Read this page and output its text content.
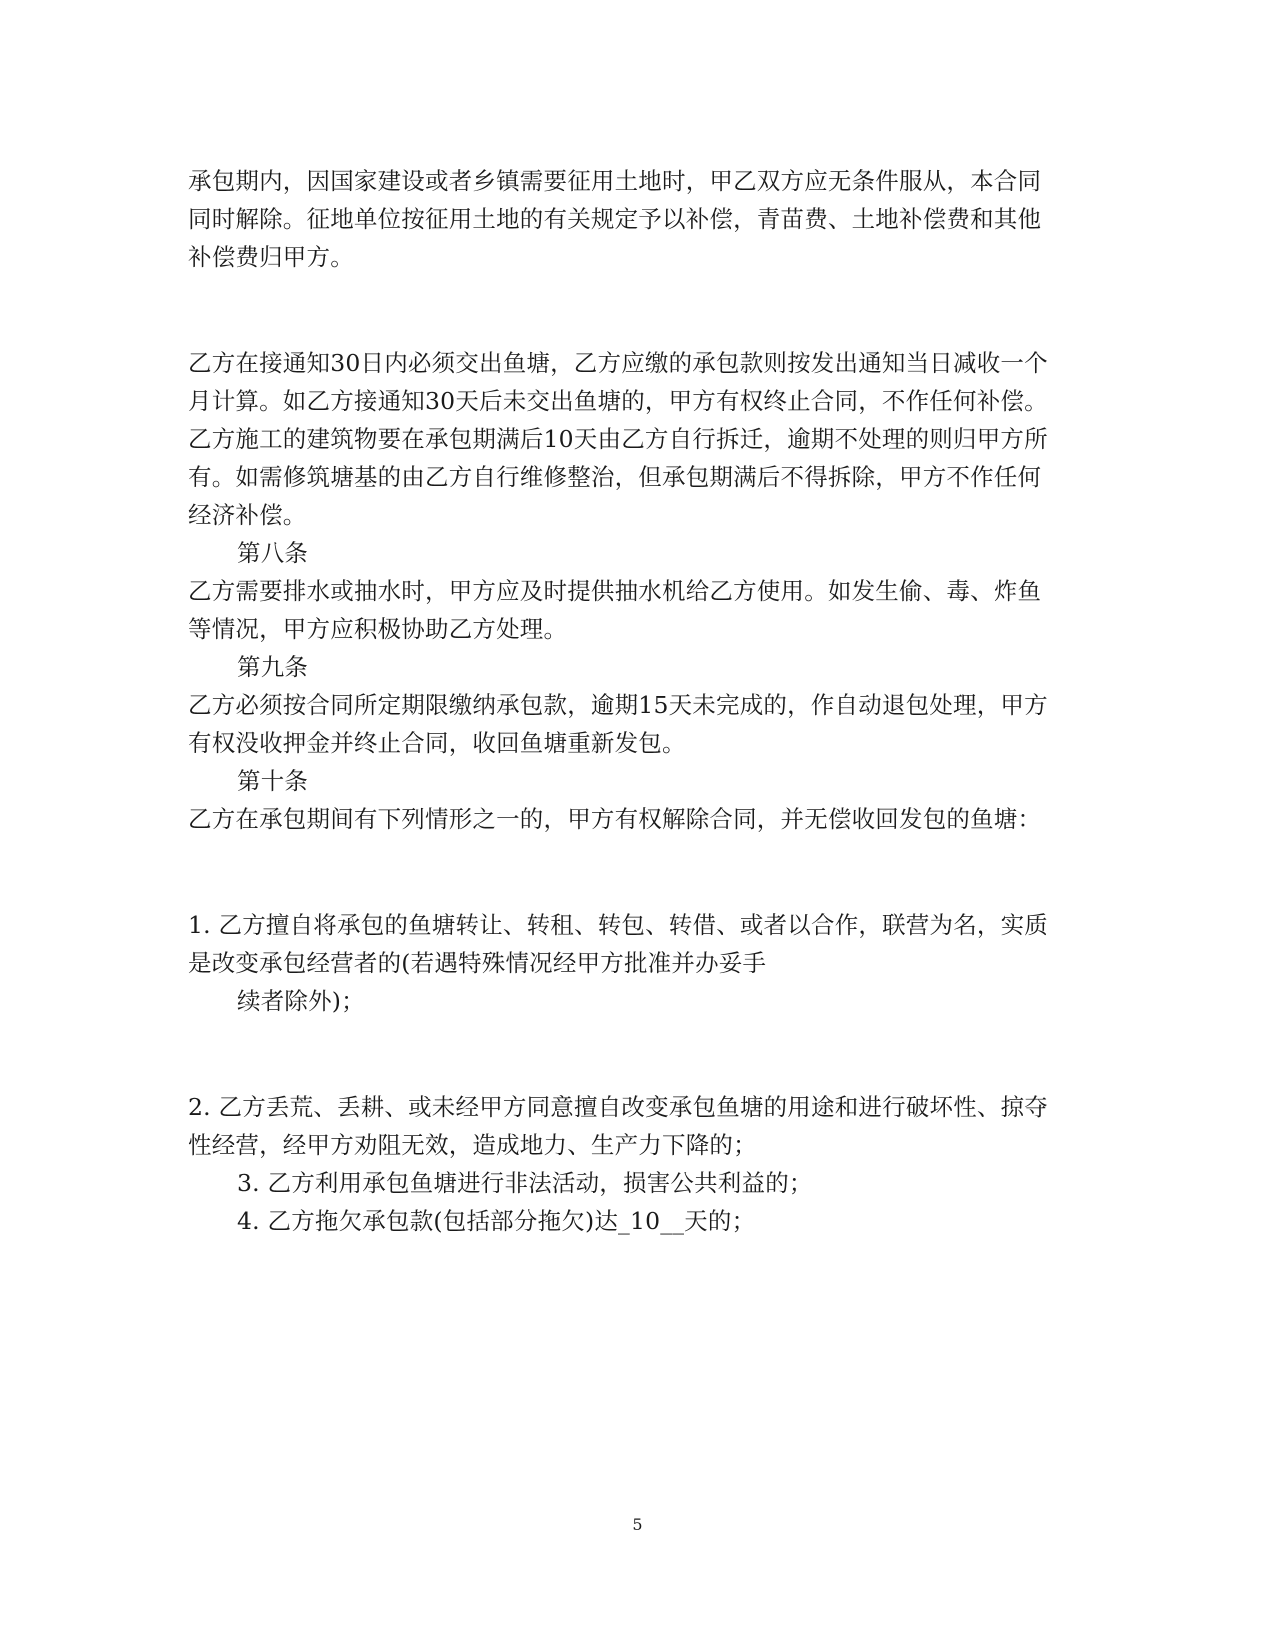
承包期内，因国家建设或者乡镇需要征用土地时，甲乙双方应无条件服从，本合同
同时解除。征地单位按征用土地的有关规定予以补偿，青苗费、土地补偿费和其他
补偿费归甲方。
乙方在接通知30日内必须交出鱼塘，乙方应缴的承包款则按发出通知当日减收一个
月计算。如乙方接通知30天后未交出鱼塘的，甲方有权终止合同，不作任何补偿。
乙方施工的建筑物要在承包期满后10天由乙方自行拆迁，逾期不处理的则归甲方所
有。如需修筑塘基的由乙方自行维修整治，但承包期满后不得拆除，甲方不作任何
经济补偿。
第八条
乙方需要排水或抽水时，甲方应及时提供抽水机给乙方使用。如发生偷、毒、炸鱼
等情况，甲方应积极协助乙方处理。
第九条
乙方必须按合同所定期限缴纳承包款，逾期15天未完成的，作自动退包处理，甲方
有权没收押金并终止合同，收回鱼塘重新发包。
第十条
乙方在承包期间有下列情形之一的，甲方有权解除合同，并无偿收回发包的鱼塘：
1. 乙方擅自将承包的鱼塘转让、转租、转包、转借、或者以合作，联营为名，实质
是改变承包经营者的(若遇特殊情况经甲方批准并办妥手
续者除外)；
2. 乙方丢荒、丢耕、或未经甲方同意擅自改变承包鱼塘的用途和进行破坏性、掠夺
性经营，经甲方劝阻无效，造成地力、生产力下降的；
3. 乙方利用承包鱼塘进行非法活动，损害公共利益的；
4. 乙方拖欠承包款(包括部分拖欠)达_10__天的；
5
